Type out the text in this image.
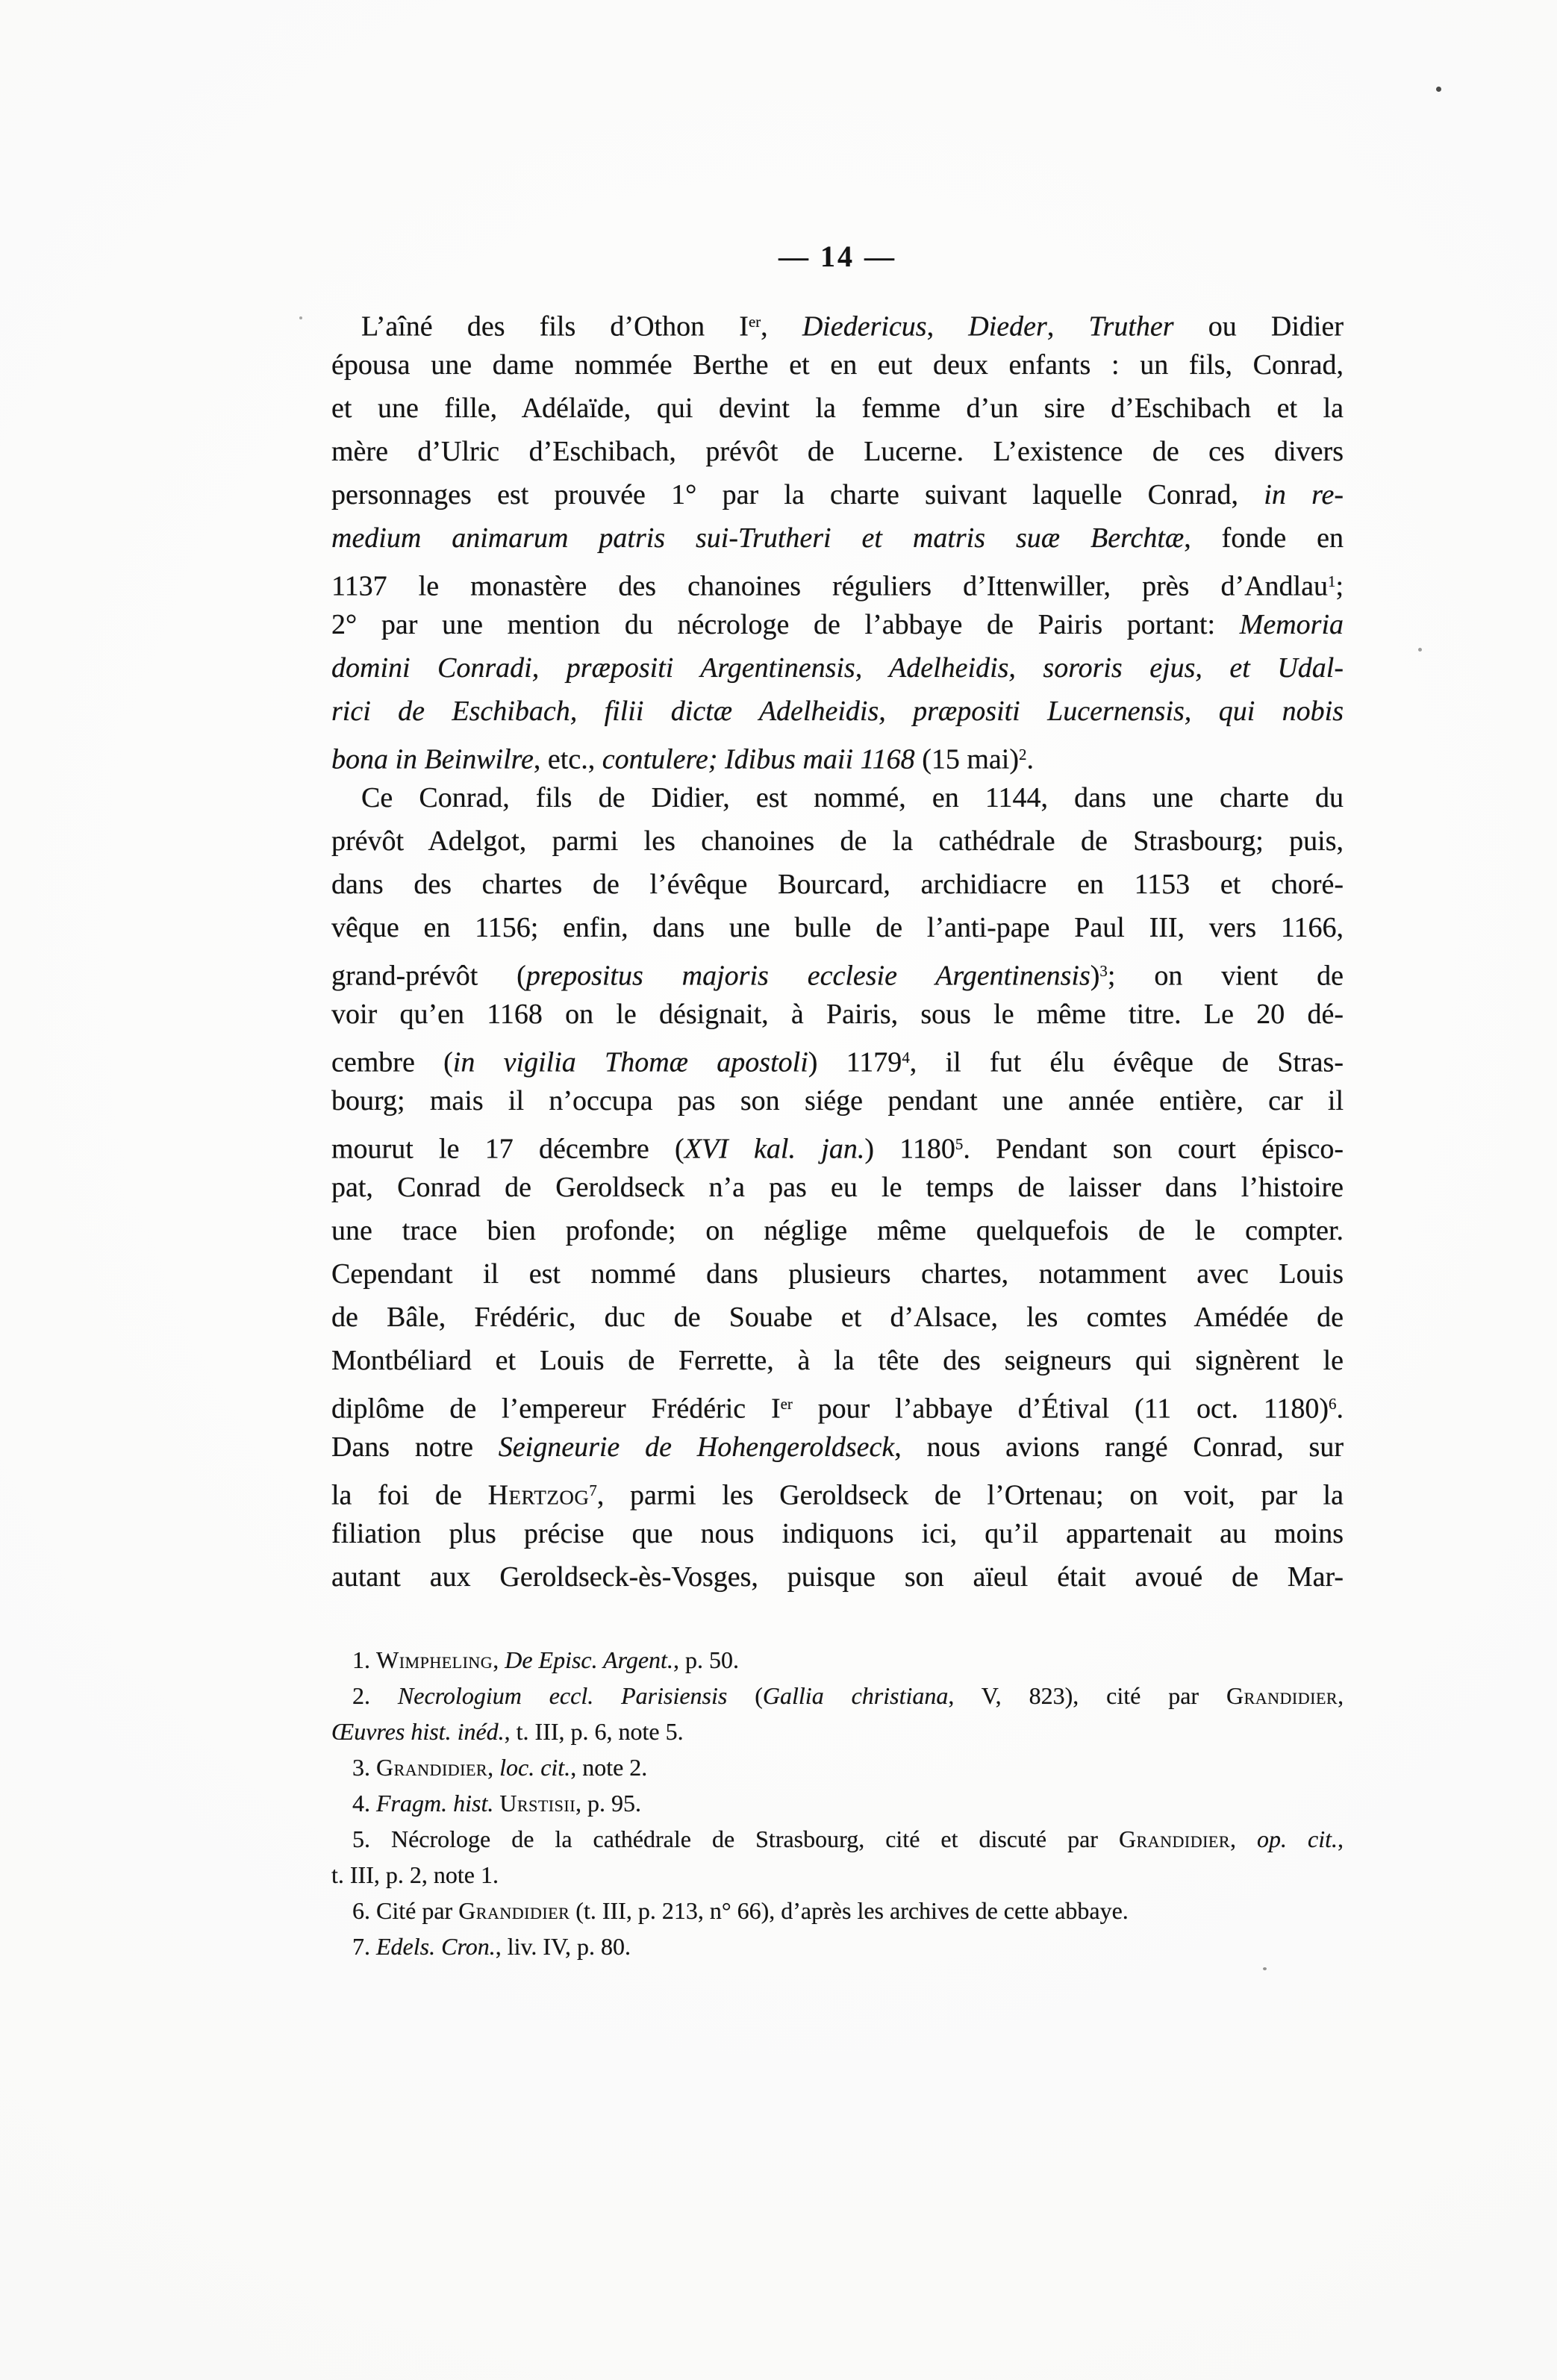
— 14 —
L’aîné des fils d’Othon Ier, Diedericus, Dieder, Truther ou Didier
épousa une dame nommée Berthe et en eut deux enfants : un fils, Conrad,
et une fille, Adélaïde, qui devint la femme d’un sire d’Eschibach et la
mère d’Ulric d’Eschibach, prévôt de Lucerne. L’existence de ces divers
personnages est prouvée 1° par la charte suivant laquelle Conrad, in re-
medium animarum patris sui-Trutheri et matris suæ Berchtæ, fonde en
1137 le monastère des chanoines réguliers d’Ittenwiller, près d’Andlau$^1$;
2° par une mention du nécrologe de l’abbaye de Pairis portant: Memoria
domini Conradi, præpositi Argentinensis, Adelheidis, sororis ejus, et Udal-
rici de Eschibach, filii dictæ Adelheidis, præpositi Lucernensis, qui nobis
bona in Beinwilre, etc., contulere; Idibus maii 1168 (15 mai)$^2$.
Ce Conrad, fils de Didier, est nommé, en 1144, dans une charte du
prévôt Adelgot, parmi les chanoines de la cathédrale de Strasbourg; puis,
dans des chartes de l’évêque Bourcard, archidiacre en 1153 et choré-
vêque en 1156; enfin, dans une bulle de l’anti-pape Paul III, vers 1166,
grand-prévôt (prepositus majoris ecclesie Argentinensis)$^3$; on vient de
voir qu’en 1168 on le désignait, à Pairis, sous le même titre. Le 20 dé-
cembre (in vigilia Thomæ apostoli) 1179$^4$, il fut élu évêque de Stras-
bourg; mais il n’occupa pas son siége pendant une année entière, car il
mourut le 17 décembre (XVI kal. jan.) 1180$^5$. Pendant son court épisco-
pat, Conrad de Geroldseck n’a pas eu le temps de laisser dans l’histoire
une trace bien profonde; on néglige même quelquefois de le compter.
Cependant il est nommé dans plusieurs chartes, notamment avec Louis
de Bâle, Frédéric, duc de Souabe et d’Alsace, les comtes Amédée de
Montbéliard et Louis de Ferrette, à la tête des seigneurs qui signèrent le
diplôme de l’empereur Frédéric Ier pour l’abbaye d’Étival (11 oct. 1180)$^6$.
Dans notre Seigneurie de Hohengeroldseck, nous avions rangé Conrad, sur
la foi de Hertzog$^7$, parmi les Geroldseck de l’Ortenau; on voit, par la
filiation plus précise que nous indiquons ici, qu’il appartenait au moins
autant aux Geroldseck-ès-Vosges, puisque son aïeul était avoué de Mar-
1. Wimpheling, De Episc. Argent., p. 50.
2. Necrologium eccl. Parisiensis (Gallia christiana, V, 823), cité par Grandidier,
Œuvres hist. inéd., t. III, p. 6, note 5.
3. Grandidier, loc. cit., note 2.
4. Fragm. hist. Urstisii, p. 95.
5. Nécrologe de la cathédrale de Strasbourg, cité et discuté par Grandidier, op. cit.,
t. III, p. 2, note 1.
6. Cité par Grandidier (t. III, p. 213, n° 66), d’après les archives de cette abbaye.
7. Edels. Cron., liv. IV, p. 80.
